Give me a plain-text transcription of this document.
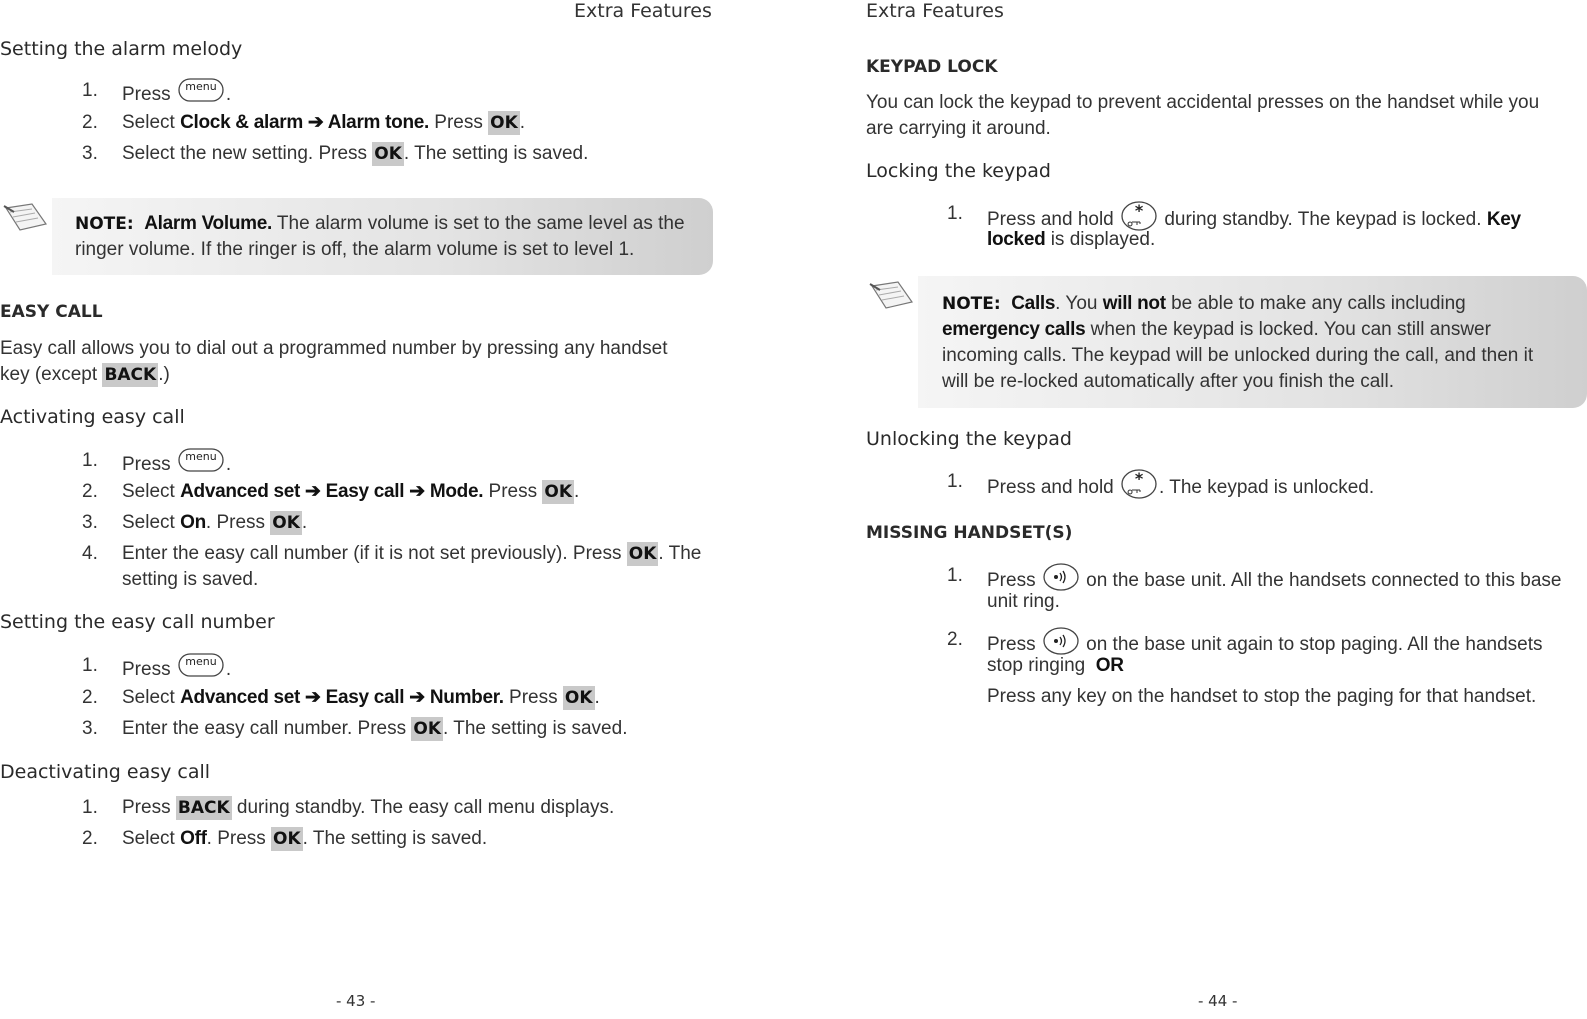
Extra Features
Setting the alarm melody
1.	Press menu .
2.	Select Clock & alarm ➔ Alarm tone. Press OK .
3.	Select the new setting. Press OK . The setting is saved.
NOTE: Alarm Volume. The alarm volume is set to the same level as the
ringer volume. If the ringer is off, the alarm volume is set to level 1.
EASY CALL
Easy call allows you to dial out a programmed number by pressing any handset
key (except BACK .)
Activating easy call
1.	Press menu .
2.	Select Advanced set ➔ Easy call ➔ Mode. Press OK .
3.	Select On. Press OK .
4.	Enter the easy call number (if it is not set previously). Press OK . The
setting is saved.
Setting the easy call number
1.	Press menu .
2.	Select Advanced set ➔ Easy call ➔ Number. Press OK .
3.	Enter the easy call number. Press OK . The setting is saved.
Deactivating easy call
1.	Press BACK during standby. The easy call menu displays.
2.	Select Off. Press OK . The setting is saved.
- 43 -
Extra Features
KEYPAD LOCK
You can lock the keypad to prevent accidental presses on the handset while you
are carrying it around.
Locking the keypad
1.	Press and hold * during standby. The keypad is locked. Key
locked is displayed.
NOTE: Calls. You will not be able to make any calls including
emergency calls when the keypad is locked. You can still answer
incoming calls. The keypad will be unlocked during the call, and then it
will be re-locked automatically after you finish the call.
Unlocking the keypad
1.	Press and hold * . The keypad is unlocked.
MISSING HANDSET(S)
1.	Press	on the base unit. All the handsets connected to this base
unit ring.
2.	Press	on the base unit again to stop paging. All the handsets
stop ringing OR
Press any key on the handset to stop the paging for that handset.
- 44 -
